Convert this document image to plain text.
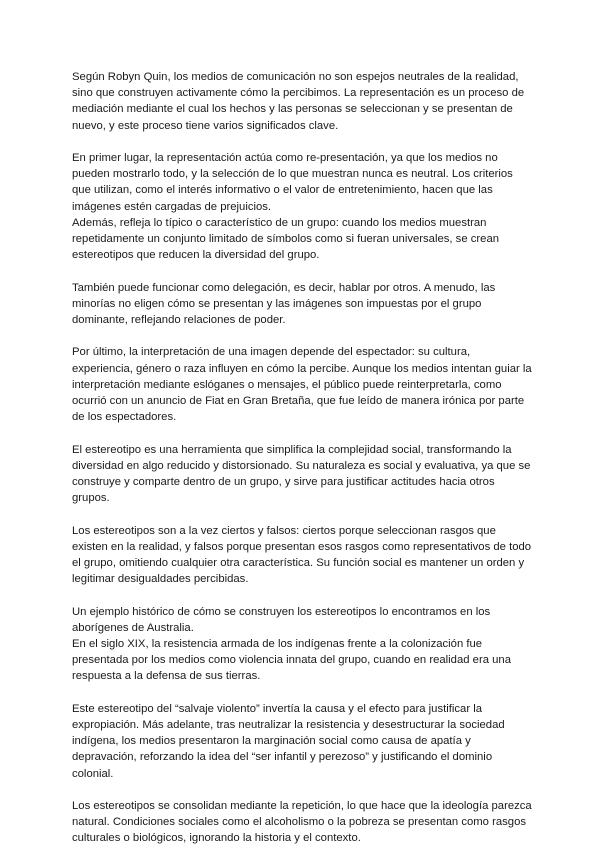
Según Robyn Quin, los medios de comunicación no son espejos neutrales de la realidad, sino que construyen activamente cómo la percibimos. La representación es un proceso de mediación mediante el cual los hechos y las personas se seleccionan y se presentan de nuevo, y este proceso tiene varios significados clave.

En primer lugar, la representación actúa como re-presentación, ya que los medios no pueden mostrarlo todo, y la selección de lo que muestran nunca es neutral. Los criterios que utilizan, como el interés informativo o el valor de entretenimiento, hacen que las imágenes estén cargadas de prejuicios.

Además, refleja lo típico o característico de un grupo: cuando los medios muestran repetidamente un conjunto limitado de símbolos como si fueran universales, se crean estereotipos que reducen la diversidad del grupo.

También puede funcionar como delegación, es decir, hablar por otros. A menudo, las minorías no eligen cómo se presentan y las imágenes son impuestas por el grupo dominante, reflejando relaciones de poder.

Por último, la interpretación de una imagen depende del espectador: su cultura, experiencia, género o raza influyen en cómo la percibe. Aunque los medios intentan guiar la interpretación mediante eslóganes o mensajes, el público puede reinterpretarla, como ocurrió con un anuncio de Fiat en Gran Bretaña, que fue leído de manera irónica por parte de los espectadores.

El estereotipo es una herramienta que simplifica la complejidad social, transformando la diversidad en algo reducido y distorsionado. Su naturaleza es social y evaluativa, ya que se construye y comparte dentro de un grupo, y sirve para justificar actitudes hacia otros grupos.

Los estereotipos son a la vez ciertos y falsos: ciertos porque seleccionan rasgos que existen en la realidad, y falsos porque presentan esos rasgos como representativos de todo el grupo, omitiendo cualquier otra característica. Su función social es mantener un orden y legitimar desigualdades percibidas.

Un ejemplo histórico de cómo se construyen los estereotipos lo encontramos en los aborígenes de Australia.

En el siglo XIX, la resistencia armada de los indígenas frente a la colonización fue presentada por los medios como violencia innata del grupo, cuando en realidad era una respuesta a la defensa de sus tierras.

Este estereotipo del “salvaje violento” invertía la causa y el efecto para justificar la expropiación. Más adelante, tras neutralizar la resistencia y desestructurar la sociedad indígena, los medios presentaron la marginación social como causa de apatía y depravación, reforzando la idea del “ser infantil y perezoso” y justificando el dominio colonial.

Los estereotipos se consolidan mediante la repetición, lo que hace que la ideología parezca natural. Condiciones sociales como el alcoholismo o la pobreza se presentan como rasgos culturales o biológicos, ignorando la historia y el contexto.
